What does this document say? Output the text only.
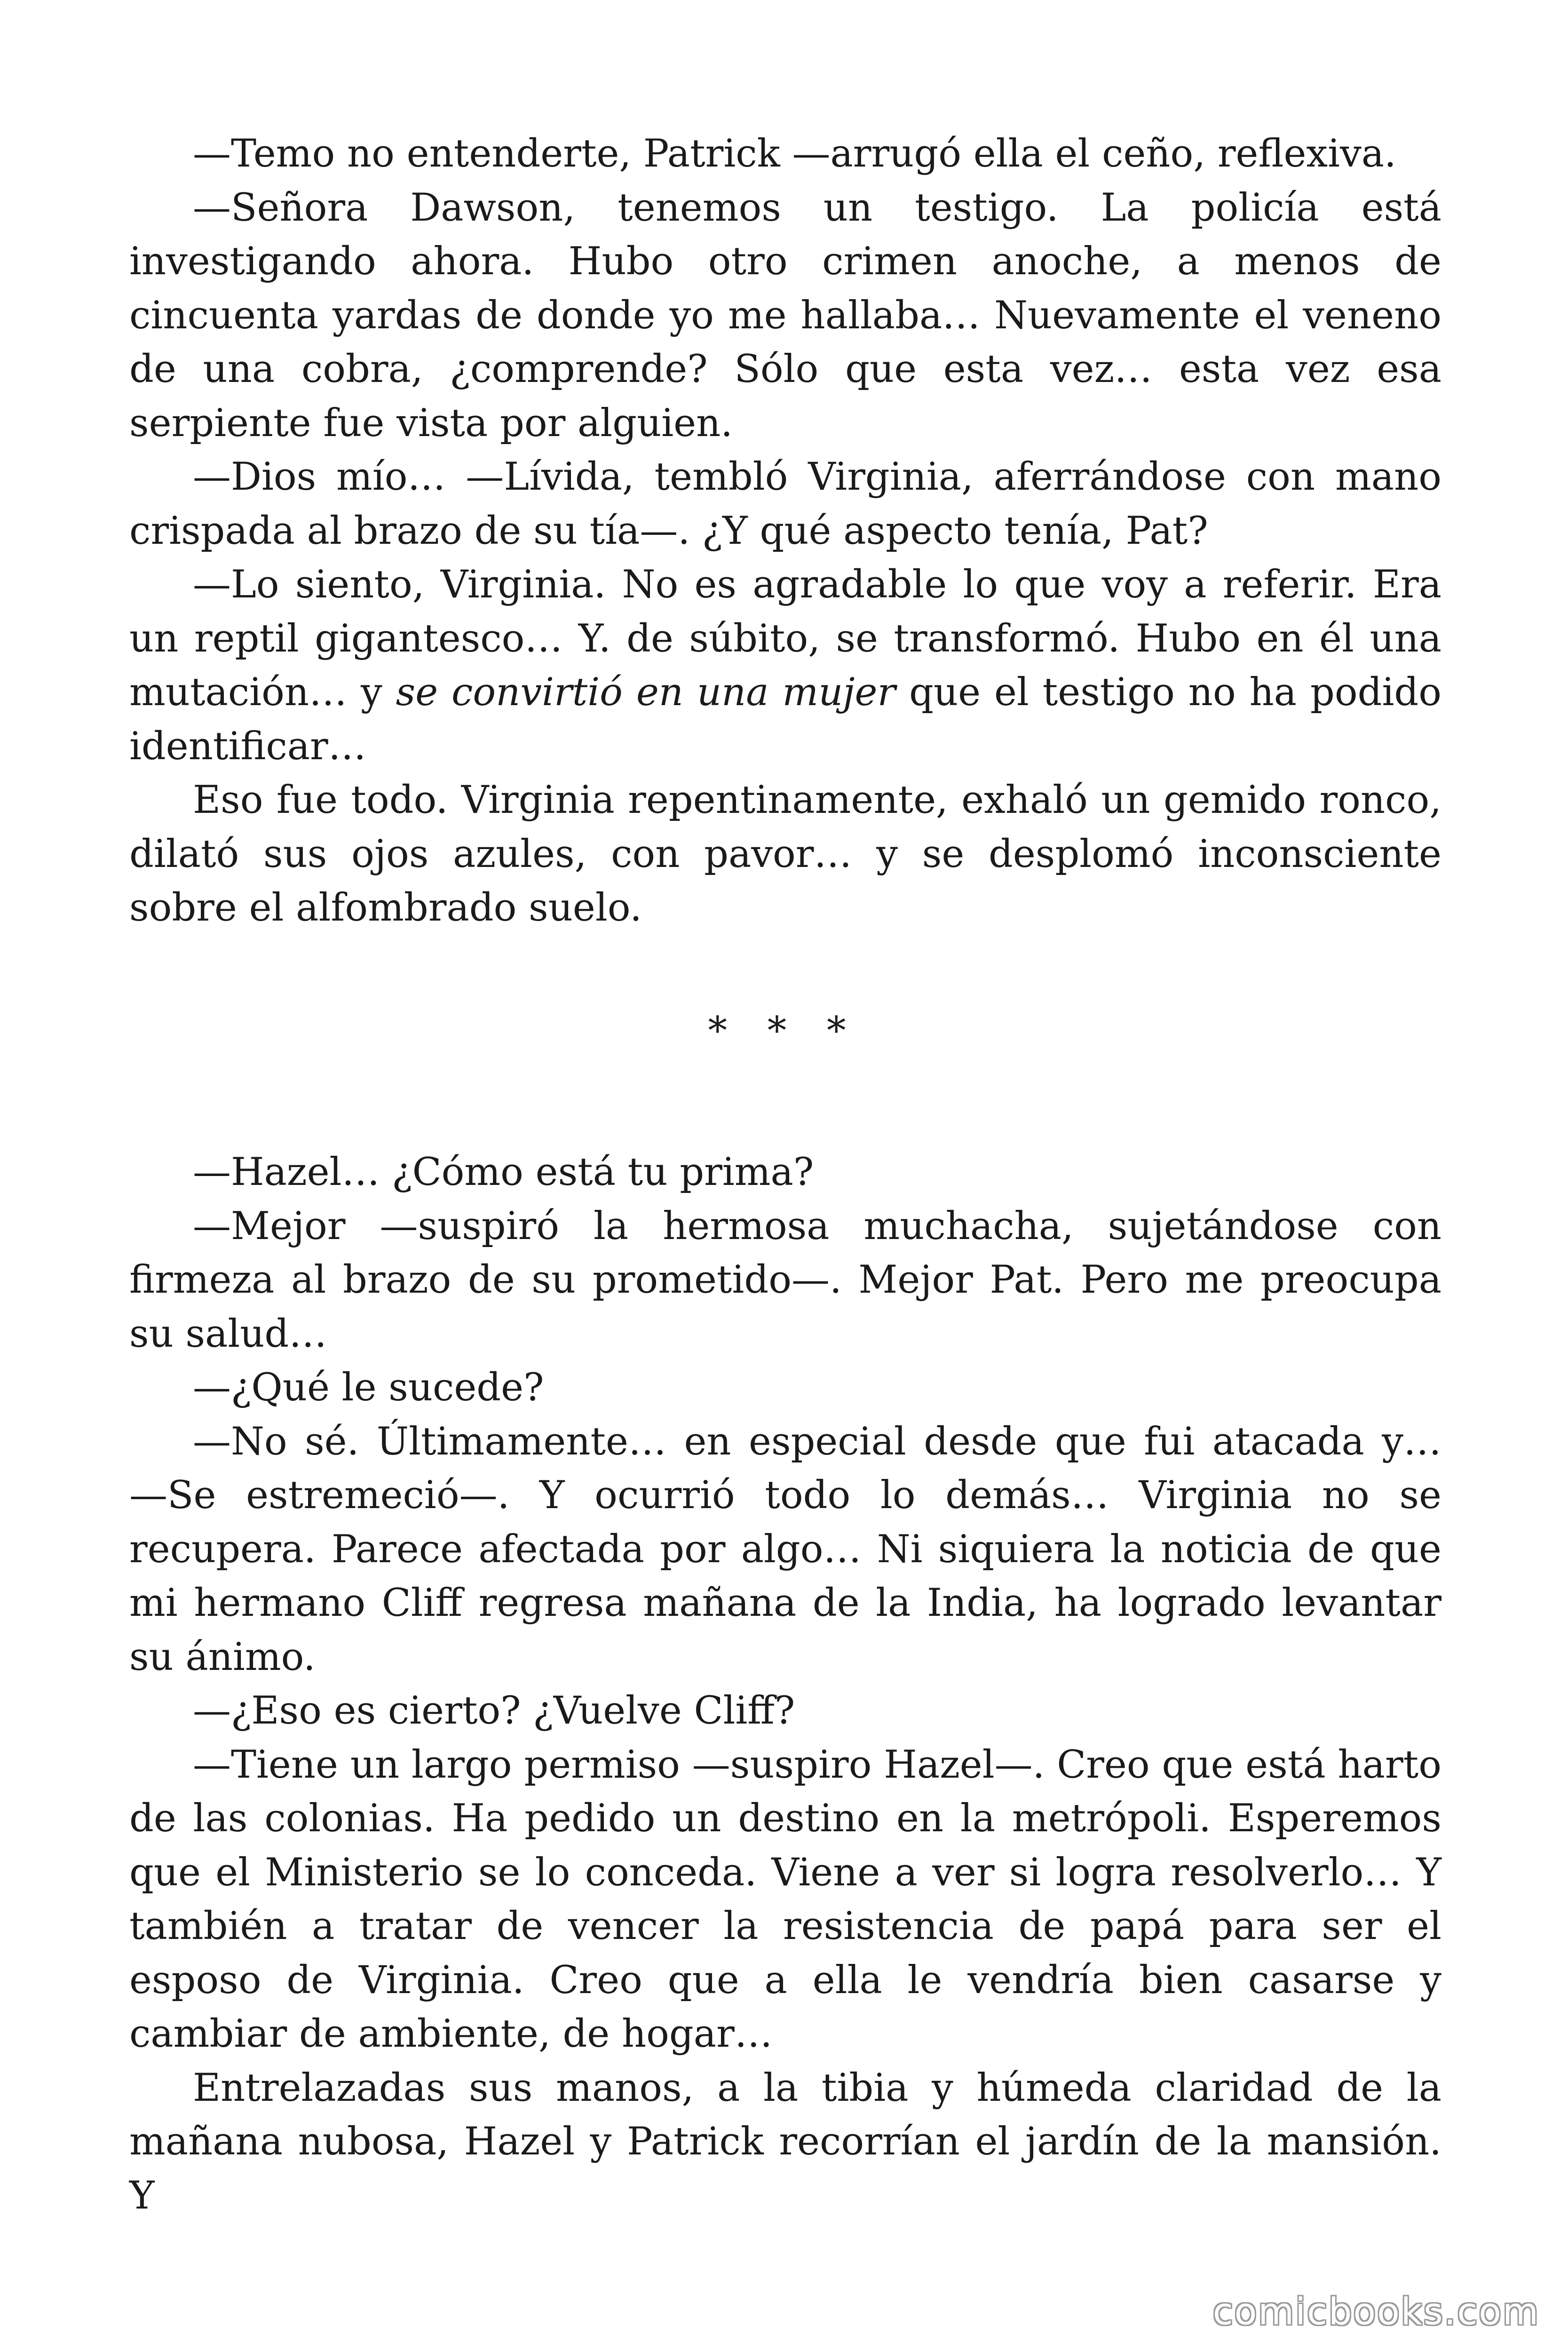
—Temo no entenderte, Patrick —arrugó ella el ceño, reflexiva.

—Señora Dawson, tenemos un testigo. La policía está investigando ahora. Hubo otro crimen anoche, a menos de cincuenta yardas de donde yo me hallaba… Nuevamente el veneno de una cobra, ¿comprende? Sólo que esta vez… esta vez esa serpiente fue vista por alguien.

—Dios mío… —Lívida, tembló Virginia, aferrándose con mano crispada al brazo de su tía—. ¿Y qué aspecto tenía, Pat?

—Lo siento, Virginia. No es agradable lo que voy a referir. Era un reptil gigantesco… Y. de súbito, se transformó. Hubo en él una mutación… y se convirtió en una mujer que el testigo no ha podido identificar…

Eso fue todo. Virginia repentinamente, exhaló un gemido ronco, dilató sus ojos azules, con pavor… y se desplomó inconsciente sobre el alfombrado suelo.

* * *

—Hazel… ¿Cómo está tu prima?

—Mejor —suspiró la hermosa muchacha, sujetándose con firmeza al brazo de su prometido—. Mejor Pat. Pero me preocupa su salud…

—¿Qué le sucede?

—No sé. Últimamente… en especial desde que fui atacada y… —Se estremeció—. Y ocurrió todo lo demás… Virginia no se recupera. Parece afectada por algo… Ni siquiera la noticia de que mi hermano Cliff regresa mañana de la India, ha logrado levantar su ánimo.

—¿Eso es cierto? ¿Vuelve Cliff?

—Tiene un largo permiso —suspiro Hazel—. Creo que está harto de las colonias. Ha pedido un destino en la metrópoli. Esperemos que el Ministerio se lo conceda. Viene a ver si logra resolverlo… Y también a tratar de vencer la resistencia de papá para ser el esposo de Virginia. Creo que a ella le vendría bien casarse y cambiar de ambiente, de hogar…

Entrelazadas sus manos, a la tibia y húmeda claridad de la mañana nubosa, Hazel y Patrick recorrían el jardín de la mansión. Y

comicbooks.com
